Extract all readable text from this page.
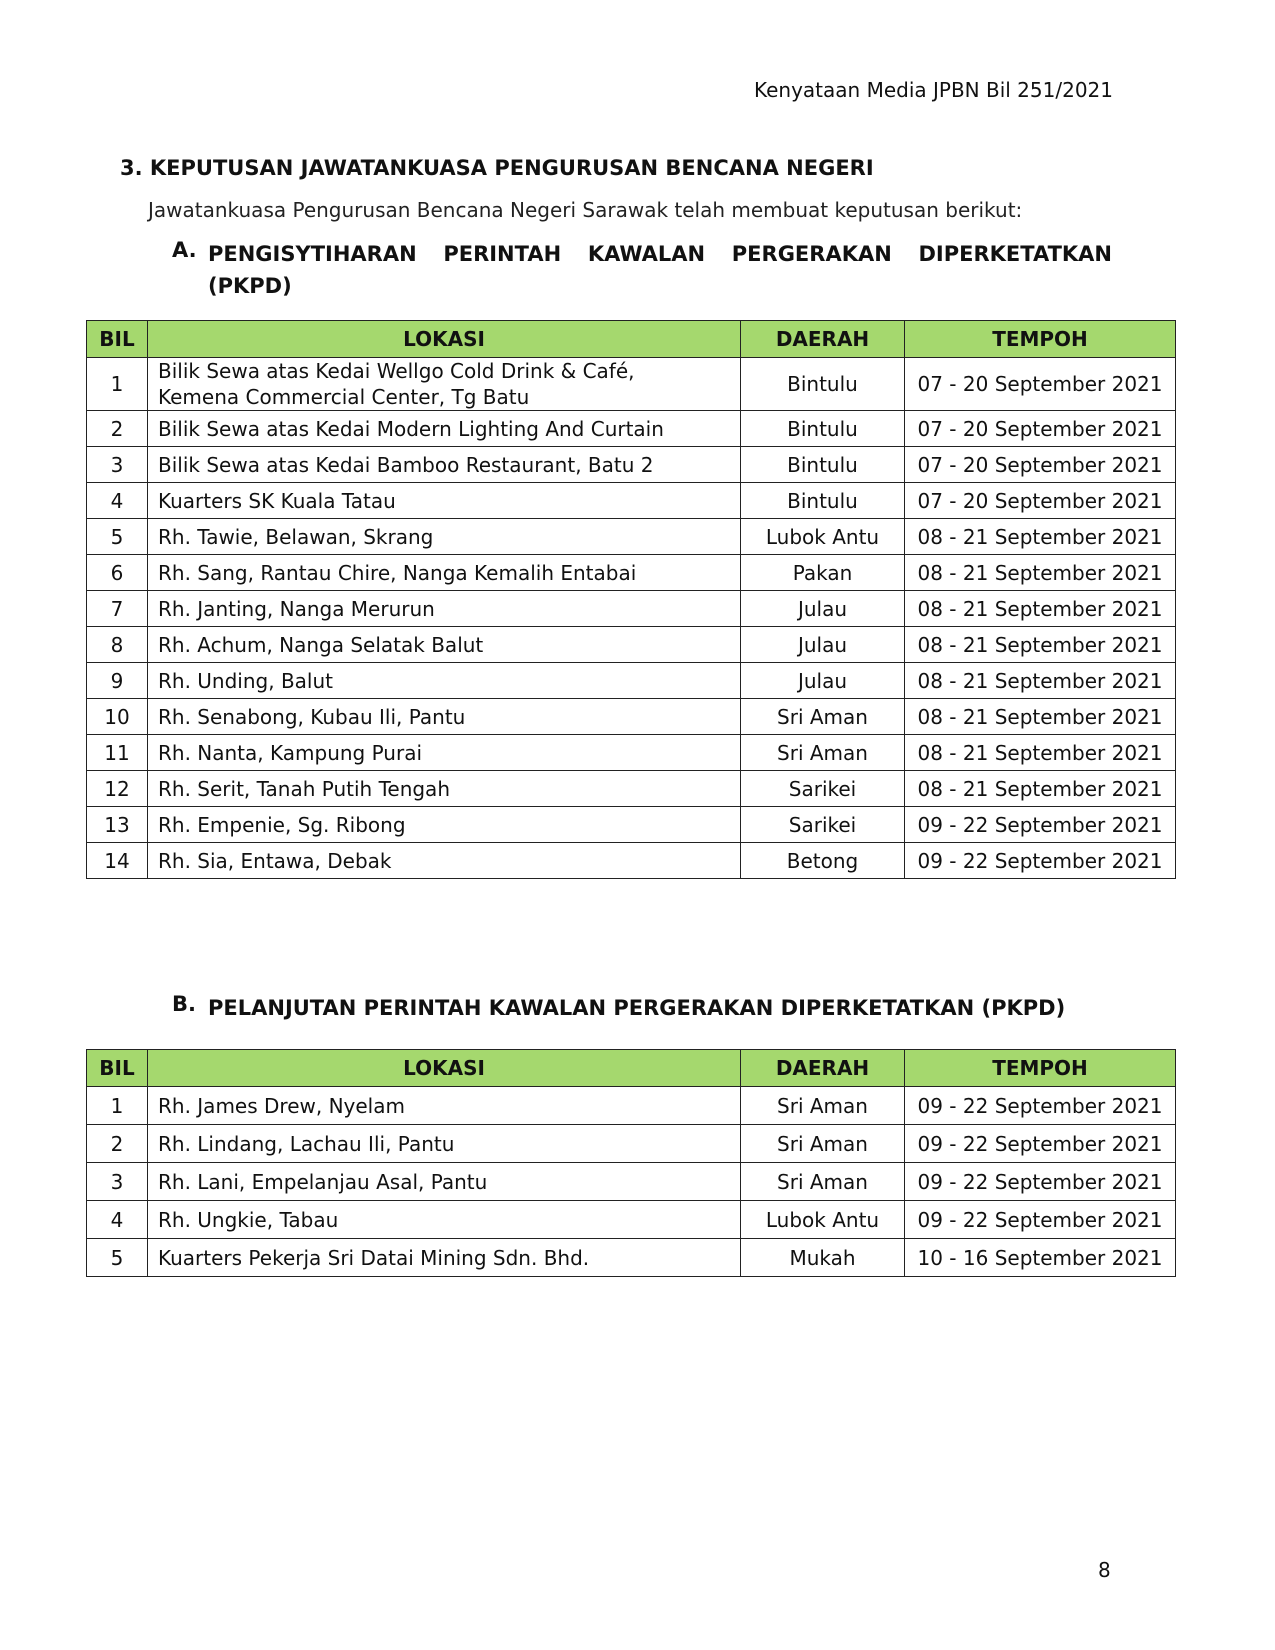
Kenyataan Media JPBN Bil 251/2021
3. KEPUTUSAN JAWATANKUASA PENGURUSAN BENCANA NEGERI

Jawatankuasa Pengurusan Bencana Negeri Sarawak telah membuat keputusan berikut:

A. PENGISYTIHARAN PERINTAH KAWALAN PERGERAKAN DIPERKETATKAN (PKPD)
BIL	LOKASI	DAERAH	TEMPOH
1	Bilik Sewa atas Kedai Wellgo Cold Drink & Café,
Kemena Commercial Center, Tg Batu	Bintulu	07 - 20 September 2021
2	Bilik Sewa atas Kedai Modern Lighting And Curtain	Bintulu	07 - 20 September 2021
3	Bilik Sewa atas Kedai Bamboo Restaurant, Batu 2	Bintulu	07 - 20 September 2021
4	Kuarters SK Kuala Tatau	Bintulu	07 - 20 September 2021
5	Rh. Tawie, Belawan, Skrang	Lubok Antu	08 - 21 September 2021
6	Rh. Sang, Rantau Chire, Nanga Kemalih Entabai	Pakan	08 - 21 September 2021
7	Rh. Janting, Nanga Merurun	Julau	08 - 21 September 2021
8	Rh. Achum, Nanga Selatak Balut	Julau	08 - 21 September 2021
9	Rh. Unding, Balut	Julau	08 - 21 September 2021
10	Rh. Senabong, Kubau Ili, Pantu	Sri Aman	08 - 21 September 2021
11	Rh. Nanta, Kampung Purai	Sri Aman	08 - 21 September 2021
12	Rh. Serit, Tanah Putih Tengah	Sarikei	08 - 21 September 2021
13	Rh. Empenie, Sg. Ribong	Sarikei	09 - 22 September 2021
14	Rh. Sia, Entawa, Debak	Betong	09 - 22 September 2021
B. PELANJUTAN PERINTAH KAWALAN PERGERAKAN DIPERKETATKAN (PKPD)
BIL	LOKASI	DAERAH	TEMPOH
1	Rh. James Drew, Nyelam	Sri Aman	09 - 22 September 2021
2	Rh. Lindang, Lachau Ili, Pantu	Sri Aman	09 - 22 September 2021
3	Rh. Lani, Empelanjau Asal, Pantu	Sri Aman	09 - 22 September 2021
4	Rh. Ungkie, Tabau	Lubok Antu	09 - 22 September 2021
5	Kuarters Pekerja Sri Datai Mining Sdn. Bhd.	Mukah	10 - 16 September 2021
8
